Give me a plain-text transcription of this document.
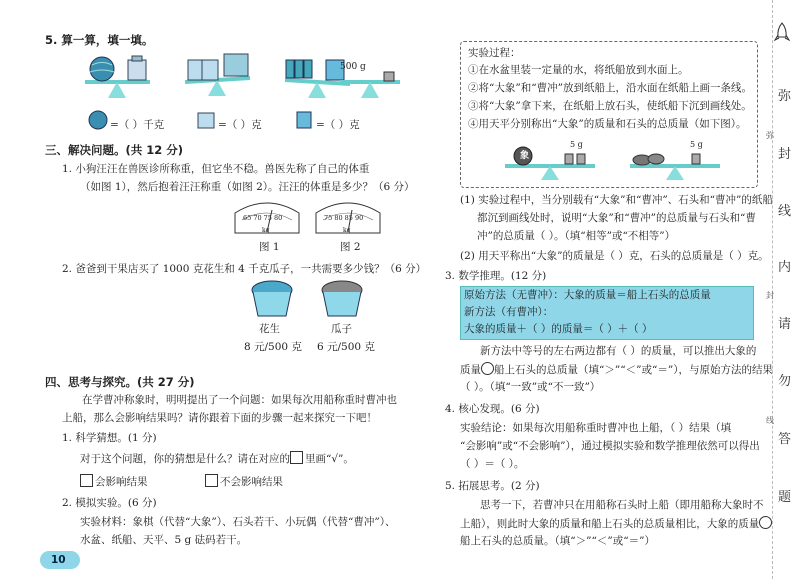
5. 算一算，填一填。
500 g
=（ ）千克	=（ ）克	=（ ）克
三、解决问题。(共 12 分)
1. 小狗汪汪在兽医诊所称重，但它坐不稳。兽医先称了自己的体重
（如图 1），然后抱着汪汪称重（如图 2）。汪汪的体重是多少？（6 分）
65 70 75 80
kg
75 80 85 90
kg
图 1	图 2
2. 爸爸到干果店买了 1000 克花生和 4 千克瓜子，一共需要多少钱？（6 分）
花生	瓜子
8 元/500 克 6 元/500 克
四、思考与探究。(共 27 分)
在学曹冲称象时，明明提出了一个问题：如果每次用船称重时曹冲也
上船，那么会影响结果吗？请你跟着下面的步骤一起来探究一下吧！
1. 科学猜想。(1 分)
对于这个问题，你的猜想是什么？请在对应的 里画“√”。
会影响结果	不会影响结果
2. 模拟实验。(6 分)
实验材料：象棋（代替“大象”）、石头若干、小玩偶（代替“曹冲”）、
水盆、纸船、天平、5 g 砝码若干。
10
实验过程：
①在水盆里装一定量的水，将纸船放到水面上。
②将“大象”和“曹冲”放到纸船上，沿水面在纸船上画一条线。
③将“大象”拿下来，在纸船上放石头，使纸船下沉到画线处。
④用天平分别称出“大象”的质量和石头的总质量（如下图）。
象
5 g	5 g
(1) 实验过程中，当分别载有“大象”和“曹冲”、石头和“曹冲”的纸船
都沉到画线处时，说明“大象”和“曹冲”的总质量与石头和“曹
冲”的总质量（ ）。（填“相等”或“不相等”）
(2) 用天平称出“大象”的质量是（ ）克，石头的总质量是（ ）克。
3. 数学推理。(12 分)
原始方法（无曹冲）：大象的质量＝船上石头的总质量
新方法（有曹冲）：
大象的质量＋（ ）的质量＝（ ）＋（ ）
新方法中等号的左右两边都有（ ）的质量，可以推出大象的
质量 船上石头的总质量（填“＞”“＜”或“＝”），与原始方法的结果
（ ）。（填“一致”或“不一致”）
4. 核心发现。(6 分)
实验结论：如果每次用船称重时曹冲也上船，（ ）结果（填
“会影响”或“不会影响”），通过模拟实验和数学推理依然可以得出
（ ）＝（ ）。
5. 拓展思考。(2 分)
思考一下，若曹冲只在用船称石头时上船（即用船称大象时不
上船），则此时大象的质量和船上石头的总质量相比，大象的质量
船上石头的总质量。（填“＞”“＜”或“＝”）
弥
封
线
内
请
勿
答
题
弥
封
线
